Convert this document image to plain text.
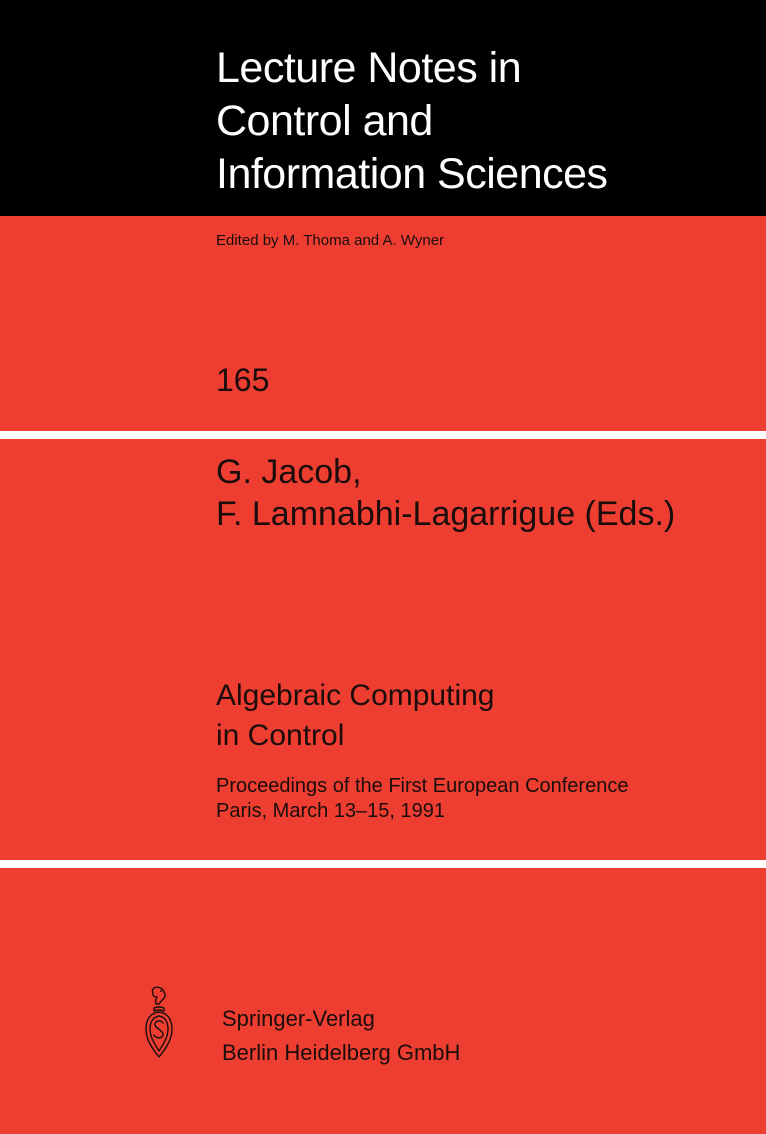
Lecture Notes in
Control and
Information Sciences
Edited by M. Thoma and A. Wyner
165
G. Jacob,
F. Lamnabhi-Lagarrigue (Eds.)
Algebraic Computing
in Control
Proceedings of the First European Conference
Paris, March 13–15, 1991
Springer-Verlag
Berlin Heidelberg GmbH
